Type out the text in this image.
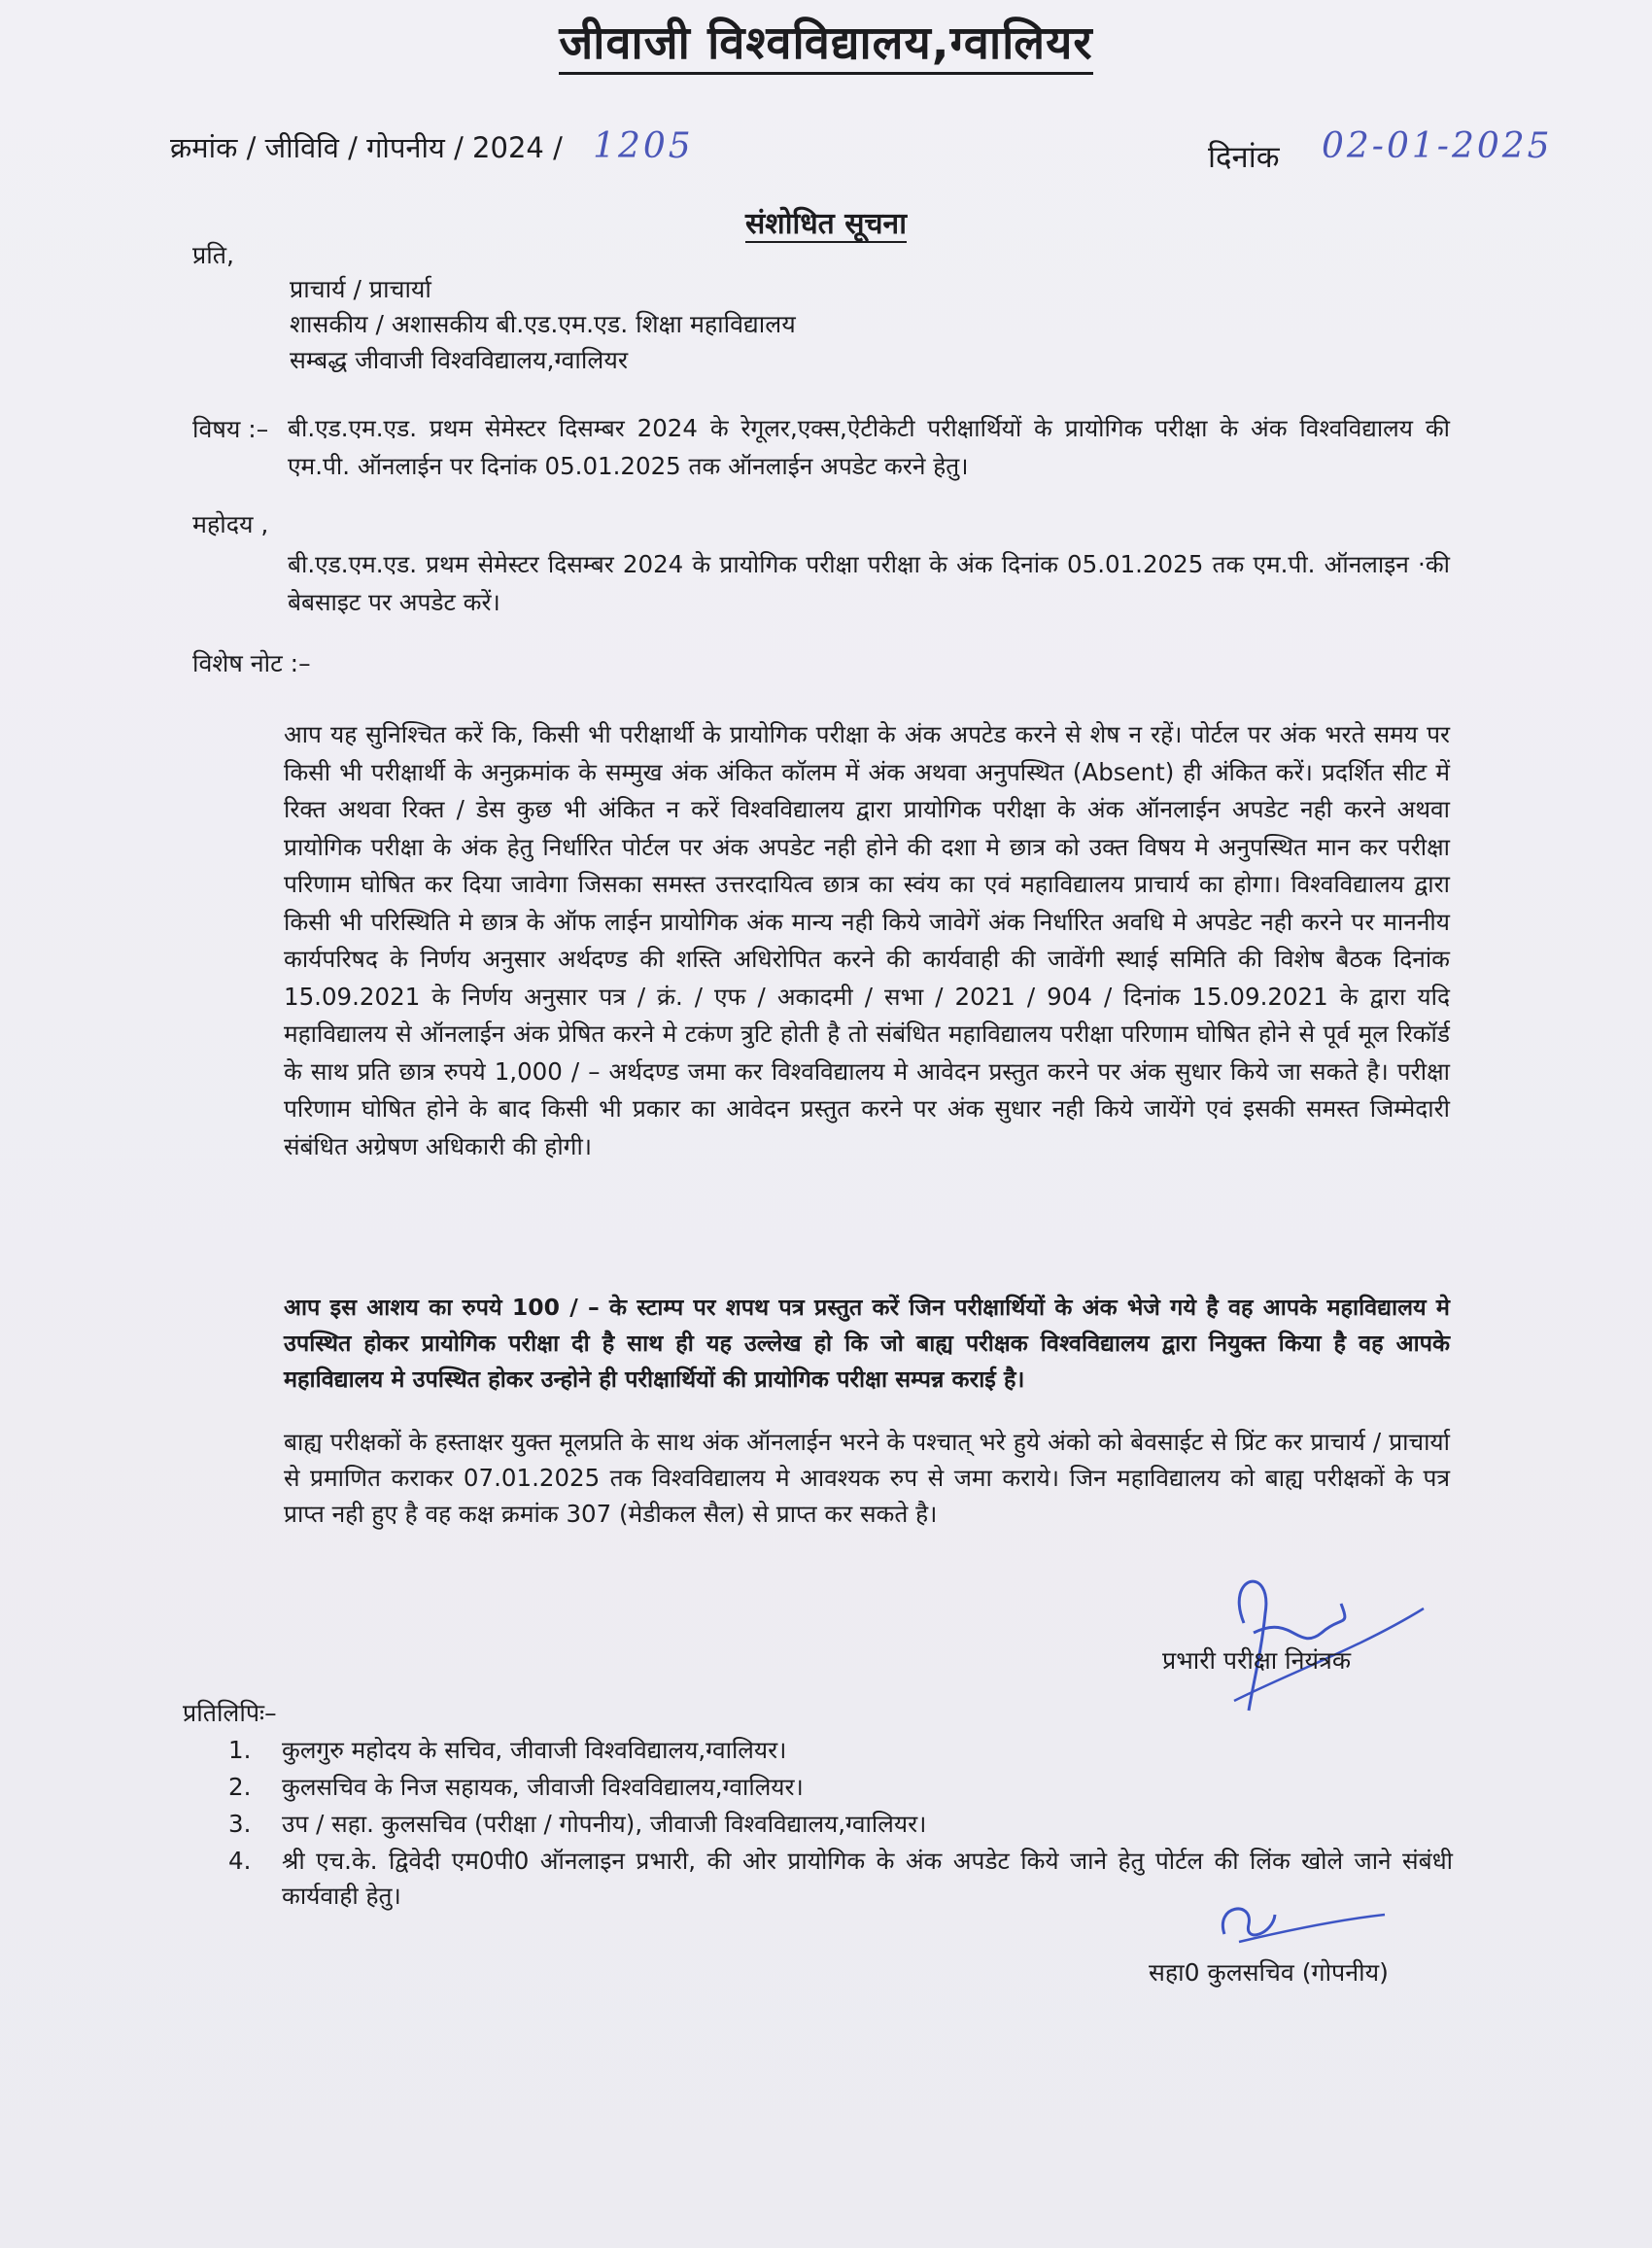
जीवाजी विश्वविद्यालय,ग्वालियर
क्रमांक / जीविवि / गोपनीय / 2024 / 1205	दिनांक 02-01-2025
संशोधित सूचना
प्रति,
प्राचार्य / प्राचार्या
शासकीय / अशासकीय बी.एड.एम.एड. शिक्षा महाविद्यालय
सम्बद्ध जीवाजी विश्वविद्यालय,ग्वालियर
विषय :– बी.एड.एम.एड. प्रथम सेमेस्टर दिसम्बर 2024 के रेगूलर,एक्स,ऐटीकेटी परीक्षार्थियों के प्रायोगिक परीक्षा के अंक विश्वविद्यालय की एम.पी. ऑनलाईन पर दिनांक 05.01.2025 तक ऑनलाईन अपडेट करने हेतु।
महोदय ,
बी.एड.एम.एड. प्रथम सेमेस्टर दिसम्बर 2024 के प्रायोगिक परीक्षा परीक्षा के अंक दिनांक 05.01.2025 तक एम.पी. ऑनलाइन ·की बेबसाइट पर अपडेट करें।
विशेष नोट :–
आप यह सुनिश्चित करें कि, किसी भी परीक्षार्थी के प्रायोगिक परीक्षा के अंक अपटेड करने से शेष न रहें। पोर्टल पर अंक भरते समय पर किसी भी परीक्षार्थी के अनुक्रमांक के सम्मुख अंक अंकित कॉलम में अंक अथवा अनुपस्थित (Absent) ही अंकित करें। प्रदर्शित सीट में रिक्त अथवा रिक्त / डेस कुछ भी अंकित न करें विश्वविद्यालय द्वारा प्रायोगिक परीक्षा के अंक ऑनलाईन अपडेट नही करने अथवा प्रायोगिक परीक्षा के अंक हेतु निर्धारित पोर्टल पर अंक अपडेट नही होने की दशा मे छात्र को उक्त विषय मे अनुपस्थित मान कर परीक्षा परिणाम घोषित कर दिया जावेगा जिसका समस्त उत्तरदायित्व छात्र का स्वंय का एवं महाविद्यालय प्राचार्य का होगा। विश्वविद्यालय द्वारा किसी भी परिस्थिति मे छात्र के ऑफ लाईन प्रायोगिक अंक मान्य नही किये जावेगें अंक निर्धारित अवधि मे अपडेट नही करने पर माननीय कार्यपरिषद के निर्णय अनुसार अर्थदण्ड की शस्ति अधिरोपित करने की कार्यवाही की जावेंगी स्थाई समिति की विशेष बैठक दिनांक 15.09.2021 के निर्णय अनुसार पत्र / क्रं. / एफ / अकादमी / सभा / 2021 / 904 / दिनांक 15.09.2021 के द्वारा यदि महाविद्यालय से ऑनलाईन अंक प्रेषित करने मे टकंण त्रुटि होती है तो संबंधित महाविद्यालय परीक्षा परिणाम घोषित होने से पूर्व मूल रिकॉर्ड के साथ प्रति छात्र रुपये 1,000 / – अर्थदण्ड जमा कर विश्वविद्यालय मे आवेदन प्रस्तुत करने पर अंक सुधार किये जा सकते है। परीक्षा परिणाम घोषित होने के बाद किसी भी प्रकार का आवेदन प्रस्तुत करने पर अंक सुधार नही किये जायेंगे एवं इसकी समस्त जिम्मेदारी संबंधित अग्रेषण अधिकारी की होगी।
आप इस आशय का रुपये 100 / – के स्टाम्प पर शपथ पत्र प्रस्तुत करें जिन परीक्षार्थियों के अंक भेजे गये है वह आपके महाविद्यालय मे उपस्थित होकर प्रायोगिक परीक्षा दी है साथ ही यह उल्लेख हो कि जो बाह्य परीक्षक विश्वविद्यालय द्वारा नियुक्त किया है वह आपके महाविद्यालय मे उपस्थित होकर उन्होने ही परीक्षार्थियों की प्रायोगिक परीक्षा सम्पन्न कराई है।
बाह्य परीक्षकों के हस्ताक्षर युक्त मूलप्रति के साथ अंक ऑनलाईन भरने के पश्चात् भरे हुये अंको को बेवसाईट से प्रिंट कर प्राचार्य / प्राचार्या से प्रमाणित कराकर 07.01.2025 तक विश्वविद्यालय मे आवश्यक रुप से जमा कराये। जिन महाविद्यालय को बाह्य परीक्षकों के पत्र प्राप्त नही हुए है वह कक्ष क्रमांक 307 (मेडीकल सैल) से प्राप्त कर सकते है।
प्रभारी परीक्षा नियंत्रक
प्रतिलिपिः–
1.	कुलगुरु महोदय के सचिव, जीवाजी विश्वविद्यालय,ग्वालियर।
2.	कुलसचिव के निज सहायक, जीवाजी विश्वविद्यालय,ग्वालियर।
3.	उप / सहा. कुलसचिव (परीक्षा / गोपनीय), जीवाजी विश्वविद्यालय,ग्वालियर।
4.	श्री एच.के. द्विवेदी एम0पी0 ऑनलाइन प्रभारी, की ओर प्रायोगिक के अंक अपडेट किये जाने हेतु पोर्टल की लिंक खोले जाने संबंधी कार्यवाही हेतु।
सहा0 कुलसचिव (गोपनीय)
